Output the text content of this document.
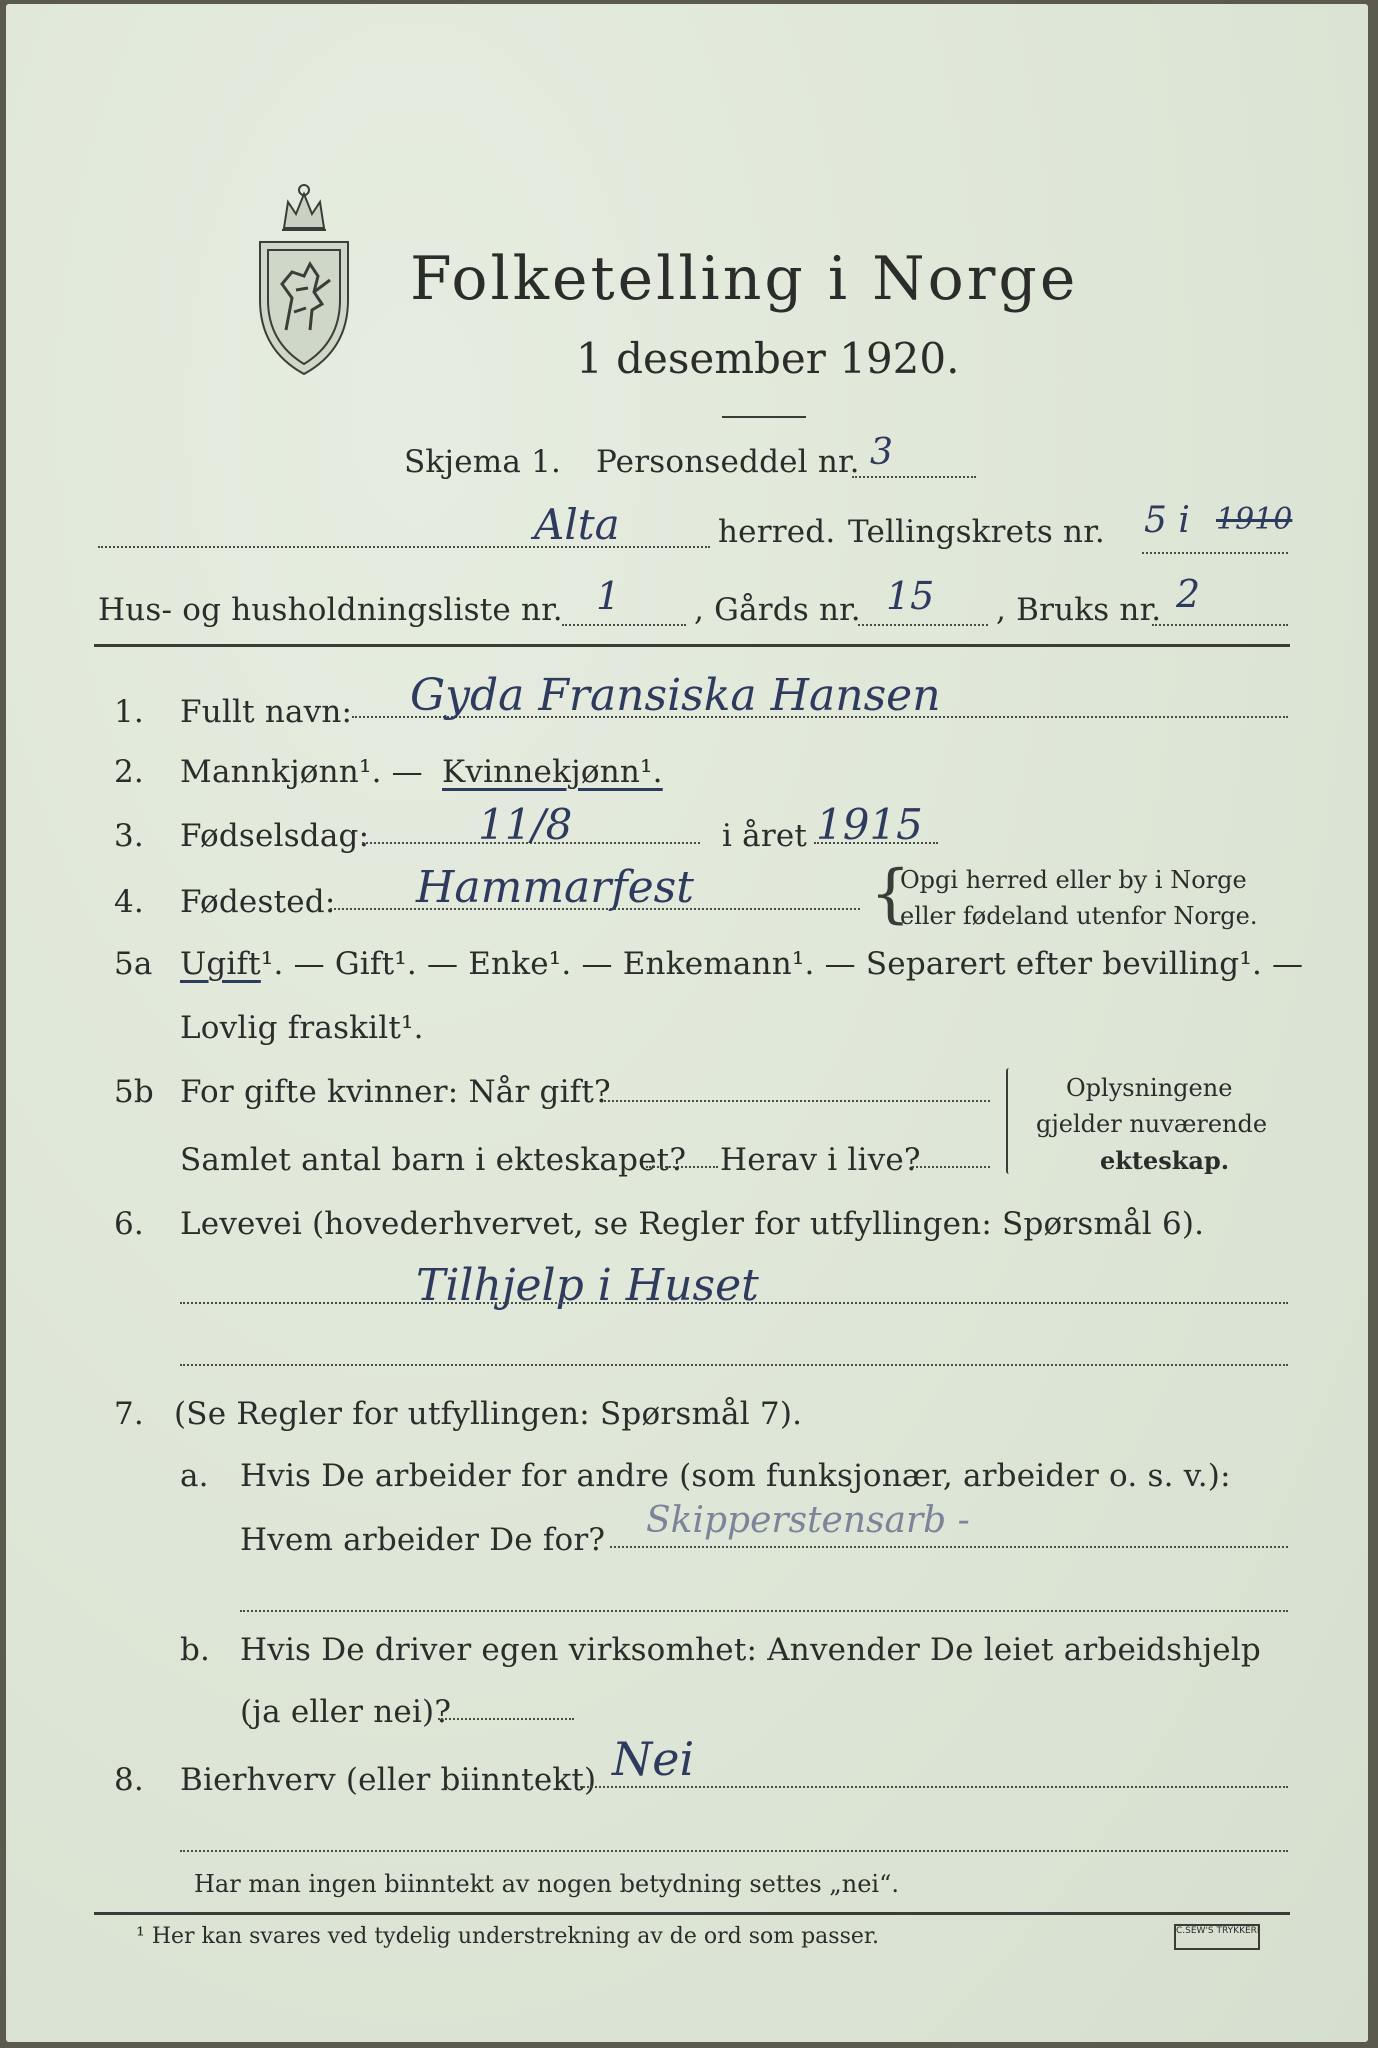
Folketelling i Norge
1 desember 1920.
Skjema 1. Personseddel nr. 3
Alta	herred. Tellingskrets nr. 5 i 1910
Hus- og husholdningsliste nr. 1 , Gårds nr. 15 , Bruks nr. 2
1. Fullt navn: Gyda Fransiska Hansen
2. Mannkjønn¹. — Kvinnekjønn¹.
3. Fødselsdag:	11/8	i året 1915
4. Fødested: Hammarfest	{
Opgi herred eller by i Norge
eller fødeland utenfor Norge.
5a Ugift¹. — Gift¹. — Enke¹. — Enkemann¹. — Separert efter bevilling¹. —
Lovlig fraskilt¹.
5b For gifte kvinner: Når gift?
Samlet antal barn i ekteskapet? Herav i live?
Oplysningene
gjelder nuværende
ekteskap.
6. Levevei (hovederhvervet, se Regler for utfyllingen: Spørsmål 6).
Tilhjelp i Huset
7. (Se Regler for utfyllingen: Spørsmål 7).
a. Hvis De arbeider for andre (som funksjonær, arbeider o. s. v.):
Hvem arbeider De for? Skipperstensarb -
b. Hvis De driver egen virksomhet: Anvender De leiet arbeidshjelp
(ja eller nei)?
8. Bierhverv (eller biinntekt) Nei
Har man ingen biinntekt av nogen betydning settes „nei“.
¹ Her kan svares ved tydelig understrekning av de ord som passer.	C.SEW'S TRYKKERI
